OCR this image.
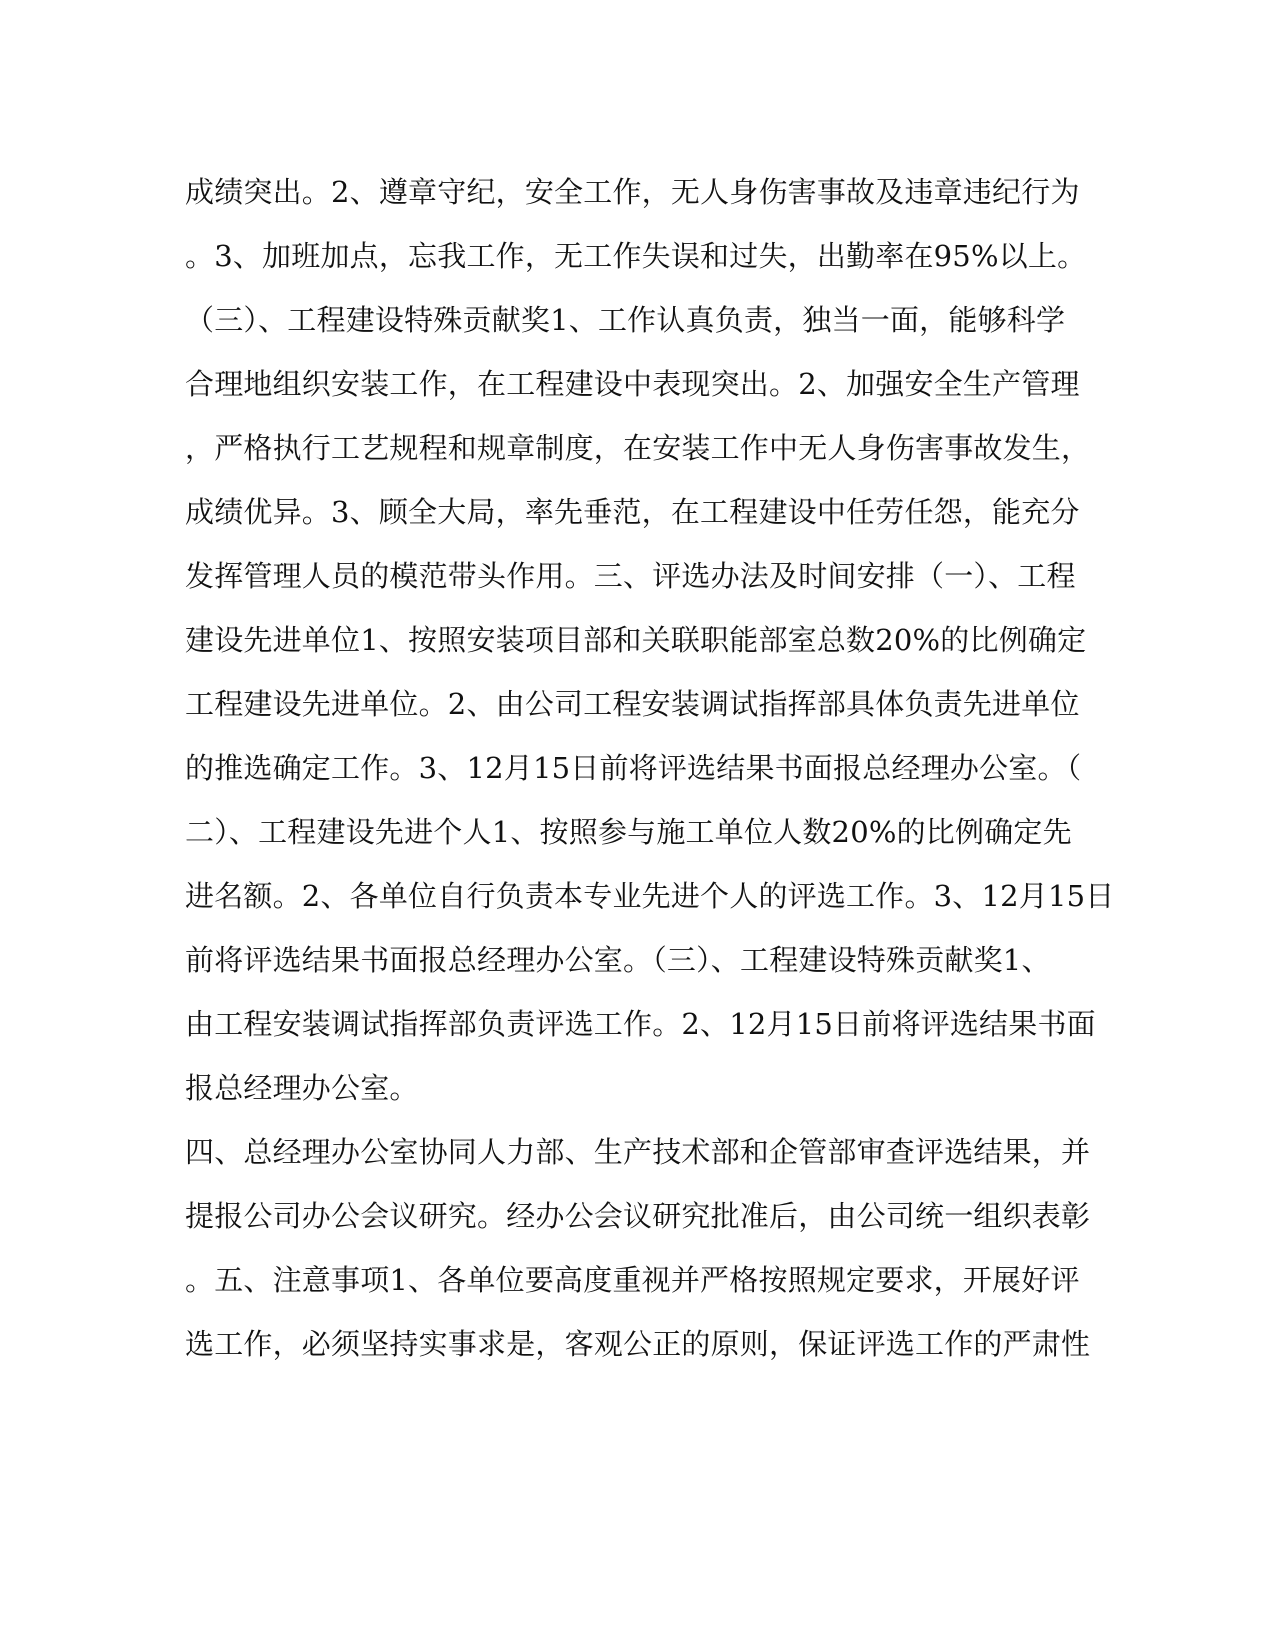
成绩突出。2、遵章守纪，安全工作，无人身伤害事故及违章违纪行为
。3、加班加点，忘我工作，无工作失误和过失，出勤率在95%以上。
（三）、工程建设特殊贡献奖1、工作认真负责，独当一面，能够科学
合理地组织安装工作，在工程建设中表现突出。2、加强安全生产管理
，严格执行工艺规程和规章制度，在安装工作中无人身伤害事故发生，
成绩优异。3、顾全大局，率先垂范，在工程建设中任劳任怨，能充分
发挥管理人员的模范带头作用。三、评选办法及时间安排（一）、工程
建设先进单位1、按照安装项目部和关联职能部室总数20%的比例确定
工程建设先进单位。2、由公司工程安装调试指挥部具体负责先进单位
的推选确定工作。3、12月15日前将评选结果书面报总经理办公室。（
二）、工程建设先进个人1、按照参与施工单位人数20%的比例确定先
进名额。2、各单位自行负责本专业先进个人的评选工作。3、12月15日
前将评选结果书面报总经理办公室。（三）、工程建设特殊贡献奖1、
由工程安装调试指挥部负责评选工作。2、12月15日前将评选结果书面
报总经理办公室。
四、总经理办公室协同人力部、生产技术部和企管部审查评选结果，并
提报公司办公会议研究。经办公会议研究批准后，由公司统一组织表彰
。五、注意事项1、各单位要高度重视并严格按照规定要求，开展好评
选工作，必须坚持实事求是，客观公正的原则，保证评选工作的严肃性
